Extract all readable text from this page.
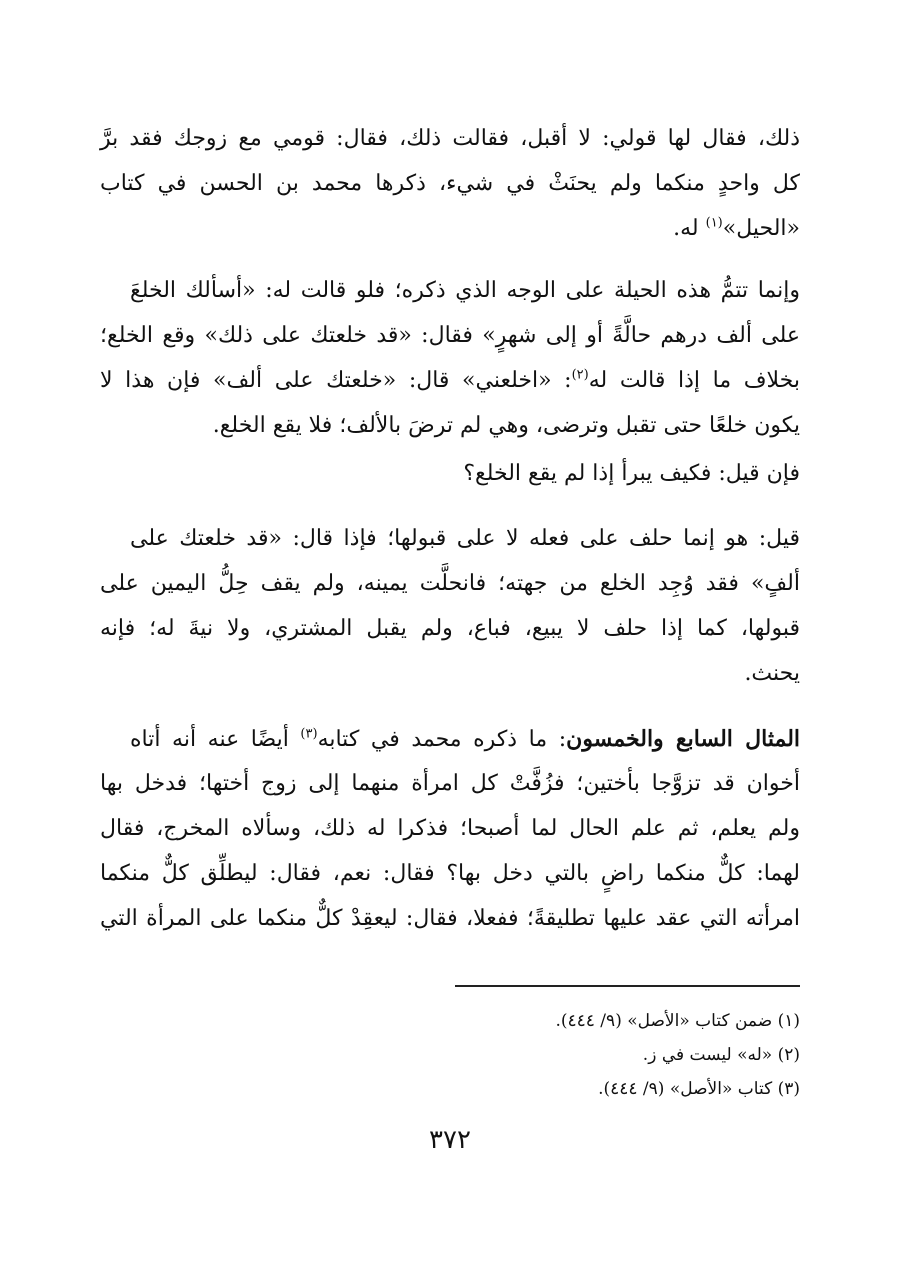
ذلك، فقال لها قولي: لا أقبل، فقالت ذلك، فقال: قومي مع زوجك فقد برَّ
كل واحدٍ منكما ولم يحنَثْ في شيء، ذكرها محمد بن الحسن في كتاب
«الحيل»$^{(١)}$ له.
وإنما تتمُّ هذه الحيلة على الوجه الذي ذكره؛ فلو قالت له: «أسألك الخلعَ
على ألف درهم حالَّةً أو إلى شهرٍ» فقال: «قد خلعتك على ذلك» وقع الخلع؛
بخلاف ما إذا قالت له$^{(٢)}$: «اخلعني» قال: «خلعتك على ألف» فإن هذا لا
يكون خلعًا حتى تقبل وترضى، وهي لم ترضَ بالألف؛ فلا يقع الخلع.
فإن قيل: فكيف يبرأ إذا لم يقع الخلع؟
قيل: هو إنما حلف على فعله لا على قبولها؛ فإذا قال: «قد خلعتك على
ألفٍ» فقد وُجِد الخلع من جهته؛ فانحلَّت يمينه، ولم يقف حِلُّ اليمين على
قبولها، كما إذا حلف لا يبيع، فباع، ولم يقبل المشتري، ولا نيةَ له؛ فإنه
يحنث.
المثال السابع والخمسون: ما ذكره محمد في كتابه$^{(٣)}$ أيضًا عنه أنه أتاه
أخوان قد تزوَّجا بأختين؛ فزُفَّتْ كل امرأة منهما إلى زوج أختها؛ فدخل بها
ولم يعلم، ثم علم الحال لما أصبحا؛ فذكرا له ذلك، وسألاه المخرج، فقال
لهما: كلٌّ منكما راضٍ بالتي دخل بها؟ فقال: نعم، فقال: ليطلِّق كلٌّ منكما
امرأته التي عقد عليها تطليقةً؛ ففعلا، فقال: ليعقِدْ كلٌّ منكما على المرأة التي
(١) ضمن كتاب «الأصل» (٩/ ٤٤٤).
(٢) «له» ليست في ز.
(٣) كتاب «الأصل» (٩/ ٤٤٤).
٣٧٢
